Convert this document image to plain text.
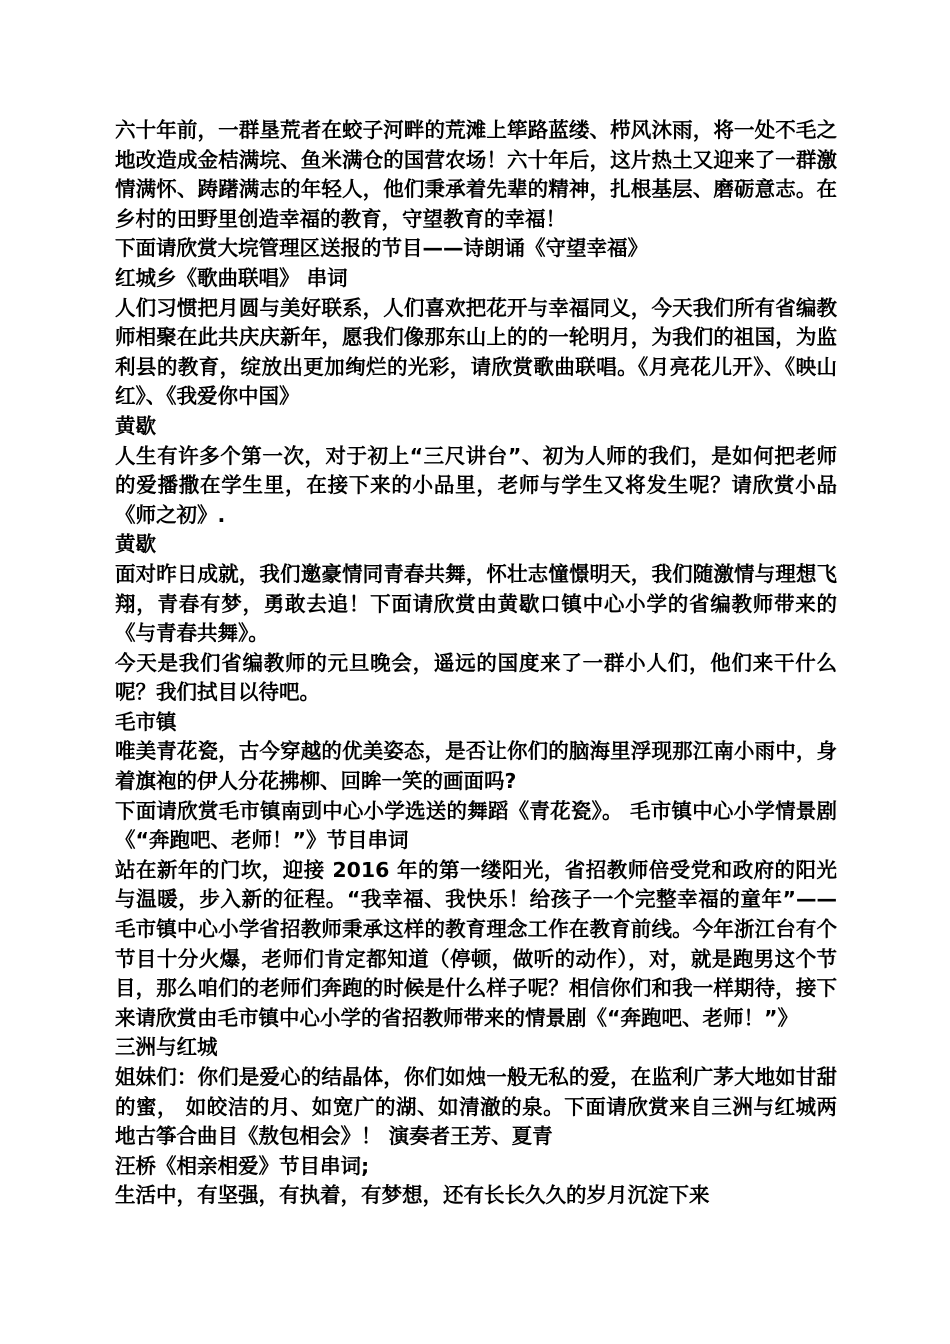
六十年前，一群垦荒者在蛟子河畔的荒滩上筚路蓝缕、栉风沐雨，将一处不毛之地改造成金桔满垸、鱼米满仓的国营农场！六十年后，这片热土又迎来了一群激情满怀、踌躇满志的年轻人，他们秉承着先辈的精神，扎根基层、磨砺意志。在乡村的田野里创造幸福的教育，守望教育的幸福！

下面请欣赏大垸管理区送报的节目——诗朗诵《守望幸福》

红城乡《歌曲联唱》 串词

人们习惯把月圆与美好联系，人们喜欢把花开与幸福同义，今天我们所有省编教师相聚在此共庆庆新年，愿我们像那东山上的的一轮明月，为我们的祖国，为监利县的教育，绽放出更加绚烂的光彩，请欣赏歌曲联唱。《月亮花儿开》、《映山红》、《我爱你中国》

黄歇

人生有许多个第一次，对于初上“三尺讲台”、初为人师的我们，是如何把老师的爱播撒在学生里，在接下来的小品里，老师与学生又将发生呢？请欣赏小品《师之初》.

黄歇

面对昨日成就，我们邀豪情同青春共舞，怀壮志憧憬明天，我们随激情与理想飞翔，青春有梦，勇敢去追！下面请欣赏由黄歇口镇中心小学的省编教师带来的《与青春共舞》。

今天是我们省编教师的元旦晚会，遥远的国度来了一群小人们，他们来干什么呢？我们拭目以待吧。

毛市镇

唯美青花瓷，古今穿越的优美姿态，是否让你们的脑海里浮现那江南小雨中，身着旗袍的伊人分花拂柳、回眸一笑的画面吗?

下面请欣赏毛市镇南剅中心小学选送的舞蹈《青花瓷》。 毛市镇中心小学情景剧《“奔跑吧、老师！”》节目串词

站在新年的门坎，迎接 2016 年的第一缕阳光，省招教师倍受党和政府的阳光与温暖，步入新的征程。“我幸福、我快乐！给孩子一个完整幸福的童年”——毛市镇中心小学省招教师秉承这样的教育理念工作在教育前线。今年浙江台有个节目十分火爆，老师们肯定都知道（停顿，做听的动作），对，就是跑男这个节目，那么咱们的老师们奔跑的时候是什么样子呢？相信你们和我一样期待，接下来请欣赏由毛市镇中心小学的省招教师带来的情景剧《“奔跑吧、老师！”》

三洲与红城

姐妹们：你们是爱心的结晶体，你们如烛一般无私的爱，在监利广茅大地如甘甜的蜜， 如皎洁的月、如宽广的湖、如清澈的泉。下面请欣赏来自三洲与红城两地古筝合曲目《敖包相会》！ 演奏者王芳、夏青

汪桥《相亲相爱》节目串词;

生活中，有坚强，有执着，有梦想，还有长长久久的岁月沉淀下来
